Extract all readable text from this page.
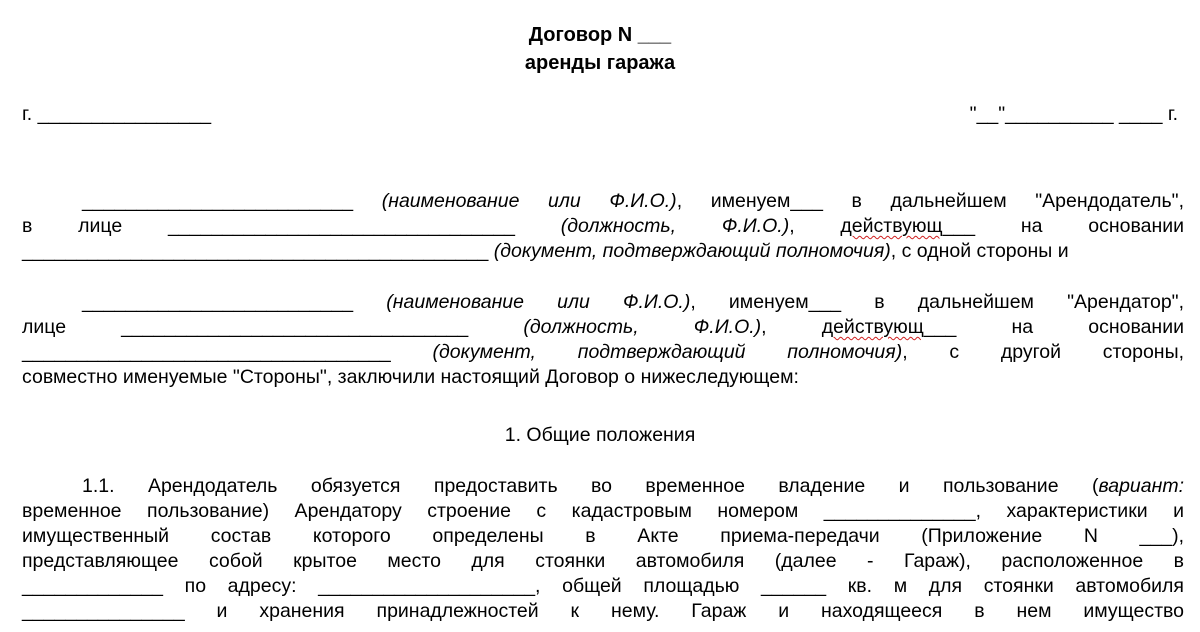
Договор N ___
аренды гаража
г. ________________	"__"__________ ____ г.
_________________________ (наименование или Ф.И.О.), именуем___ в дальнейшем "Арендодатель",
в лице ________________________________ (должность, Ф.И.О.), действующ___ на основании
___________________________________________ (документ, подтверждающий полномочия), с одной стороны и
_________________________ (наименование или Ф.И.О.), именуем___ в дальнейшем "Арендатор",
лице ________________________________ (должность, Ф.И.О.), действующ___ на основании
__________________________________ (документ, подтверждающий полномочия), с другой стороны,
совместно именуемые "Стороны", заключили настоящий Договор о нижеследующем:
1. Общие положения
1.1. Арендодатель обязуется предоставить во временное владение и пользование (вариант:
временное пользование) Арендатору строение с кадастровым номером ______________, характеристики и
имущественный состав которого определены в Акте приема-передачи (Приложение N ___),
представляющее собой крытое место для стоянки автомобиля (далее - Гараж), расположенное в
_____________ по адресу: ____________________, общей площадью ______ кв. м для стоянки автомобиля
_______________ и хранения принадлежностей к нему. Гараж и находящееся в нем имущество
